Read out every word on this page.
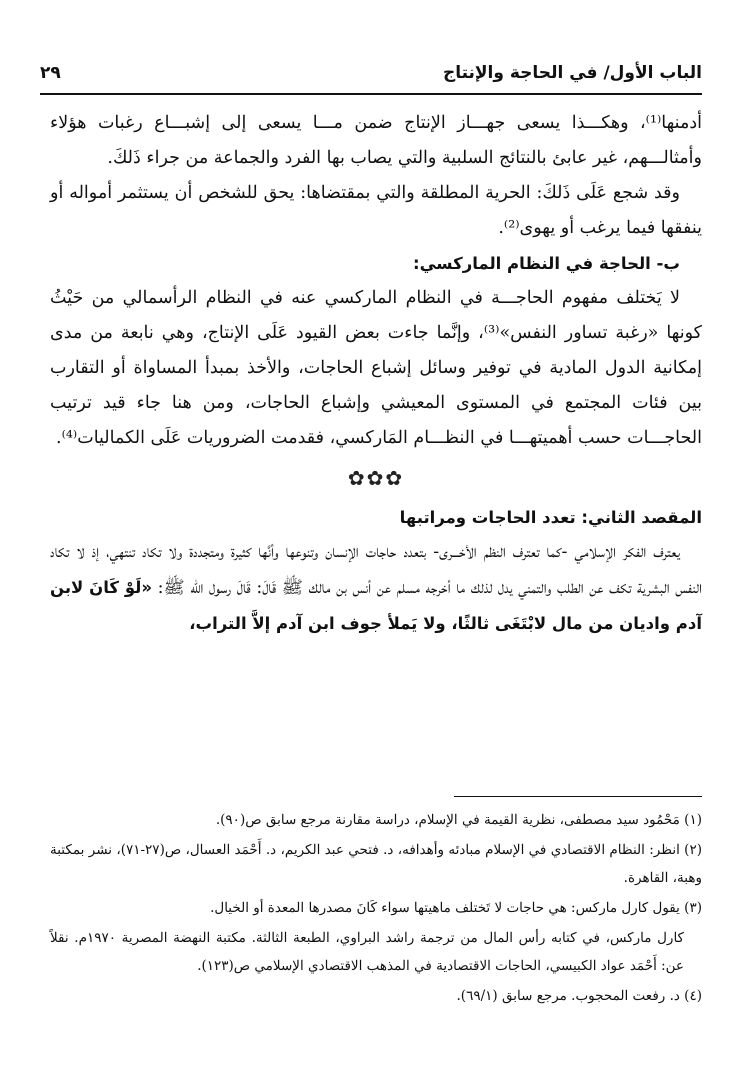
الباب الأول/ في الحاجة والإنتاج
٢٩

أدمنها⁽¹⁾، وهكـــذا يسعى جهـــاز الإنتاج ضمن مـــا يسعى إلى إشبـــاع رغبات هؤلاء وأمثالـــهم، غير عابئ بالنتائج السلبية والتي يصاب بها الفرد والجماعة من جراء ذَلكَ.

وقد شجع عَلَى ذَلكَ: الحرية المطلقة والتي بمقتضاها: يحق للشخص أن يستثمر أمواله أو ينفقها فيما يرغب أو يهوى⁽²⁾.

ب- الحاجة في النظام الماركسي:

لا يَختلف مفهوم الحاجـــة في النظام الماركسي عنه في النظام الرأسمالي من حَيْثُ كونها «رغبة تساور النفس»⁽³⁾، وإنَّما جاءت بعض القيود عَلَى الإنتاج، وهي نابعة من مدى إمكانية الدول المادية في توفير وسائل إشباع الحاجات، والأخذ بمبدأ المساواة أو التقارب بين فئات المجتمع في المستوى المعيشي وإشباع الحاجات، ومن هنا جاء قيد ترتيب الحاجـــات حسب أهميتهـــا في النظـــام المَاركسي، فقدمت الضروريات عَلَى الكماليات⁽⁴⁾.

✿✿✿

المقصد الثاني: تعدد الحاجات ومراتبها

يعترف الفكر الإسلامي -كما تعترف النظم الأخـــرى- بتعدد حاجات الإنسان وتنوعها وأنَّها كثيرة ومتجددة ولا تكاد تنتهي، إذ لا تكاد النفس البشرية تكف عن الطلب والتمني يدل لذلك ما أخرجه مسلم عن أنس بن مالك ﷺ قَالَ: قَالَ رسول الله ﷺ: «لَوْ كَانَ لابن آدم واديان من مال لابْتَغَى ثالثًا، ولا يَملأ جوف ابن آدم إلاَّ التراب،

(١) مَحْمُود سيد مصطفى، نظرية القيمة في الإسلام، دراسة مقارنة مرجع سابق ص(٩٠).

(٢) انظر: النظام الاقتصادي في الإسلام مبادئه وأهدافه، د. فتحي عبد الكريم، د. أَحْمَد العسال، ص(٢٧-٧١)، نشر بمكتبة وهبة، القاهرة.

(٣) يقول كارل ماركس: هي حاجات لا تَختلف ماهيتها سواء كَانَ مصدرها المعدة أو الخيال.

كارل ماركس، في كتابه رأس المال من ترجمة راشد البراوي، الطبعة الثالثة. مكتبة النهضة المصرية ١٩٧٠م. نقلاً عن: أَحْمَد عواد الكبيسي، الحاجات الاقتصادية في المذهب الاقتصادي الإسلامي ص(١٢٣).

(٤) د. رفعت المحجوب. مرجع سابق (٦٩/١).
